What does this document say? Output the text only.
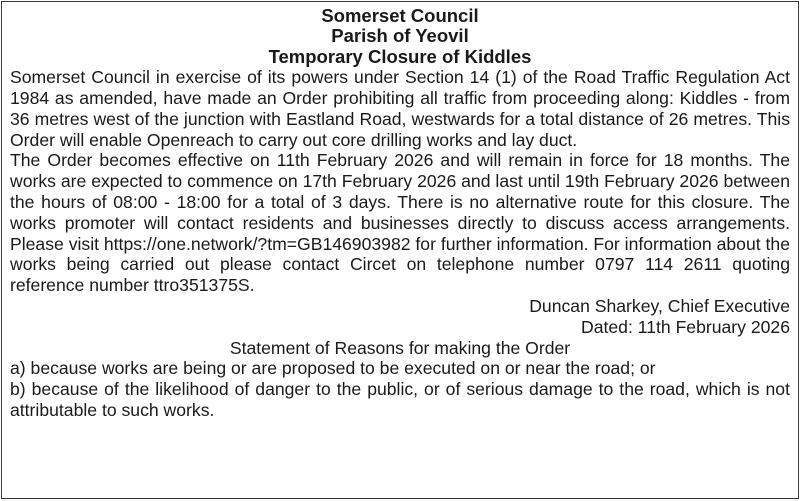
Somerset Council
Parish of Yeovil
Temporary Closure of Kiddles

Somerset Council in exercise of its powers under Section 14 (1) of the Road Traffic Regulation Act 1984 as amended, have made an Order prohibiting all traffic from proceeding along: Kiddles - from 36 metres west of the junction with Eastland Road, westwards for a total distance of 26 metres. This Order will enable Openreach to carry out core drilling works and lay duct.

The Order becomes effective on 11th February 2026 and will remain in force for 18 months. The works are expected to commence on 17th February 2026 and last until 19th February 2026 between the hours of 08:00 - 18:00 for a total of 3 days. There is no alternative route for this closure. The works promoter will contact residents and businesses directly to discuss access arrangements. Please visit https://one.network/?tm=GB146903982 for further information. For information about the works being carried out please contact Circet on telephone number 0797 114 2611 quoting reference number ttro351375S.

Duncan Sharkey, Chief Executive

Dated: 11th February 2026

Statement of Reasons for making the Order

a) because works are being or are proposed to be executed on or near the road; or

b) because of the likelihood of danger to the public, or of serious damage to the road, which is not attributable to such works.
